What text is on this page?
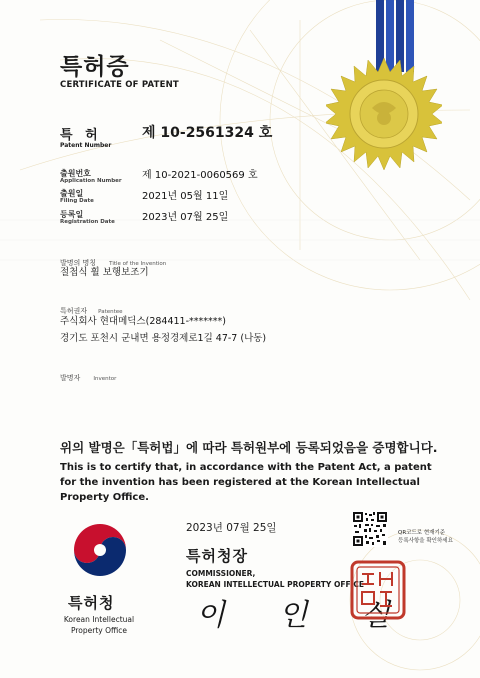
특허증
CERTIFICATE OF PATENT
특 허
Patent Number
제 10-2561324 호
출원번호
Application Number 제 10-2021-0060569 호
출원일
Filing Date	2021년 05월 11일
등록일
Registration Date	2023년 07월 25일
발명의 명칭 Title of the Invention
절첩식 휠 보행보조기
특허권자 Patentee
주식회사 현대메딕스(284411-*******)
경기도 포천시 군내면 용정경제로1길 47-7 (나동)
발명자 Inventor
위의 발명은「특허법」에 따라 특허원부에 등록되었음을 증명합니다.
This is to certify that, in accordance with the Patent Act, a patent for the invention has been registered at the Korean Intellectual Property Office.
2023년 07월 25일	QR코드로 현재기준
등록사항을 확인하세요
특허청장
COMMISSIONER,
KOREAN INTELLECTUAL PROPERTY OFFICE
이 인 실
특허청
Korean Intellectual Property Office
